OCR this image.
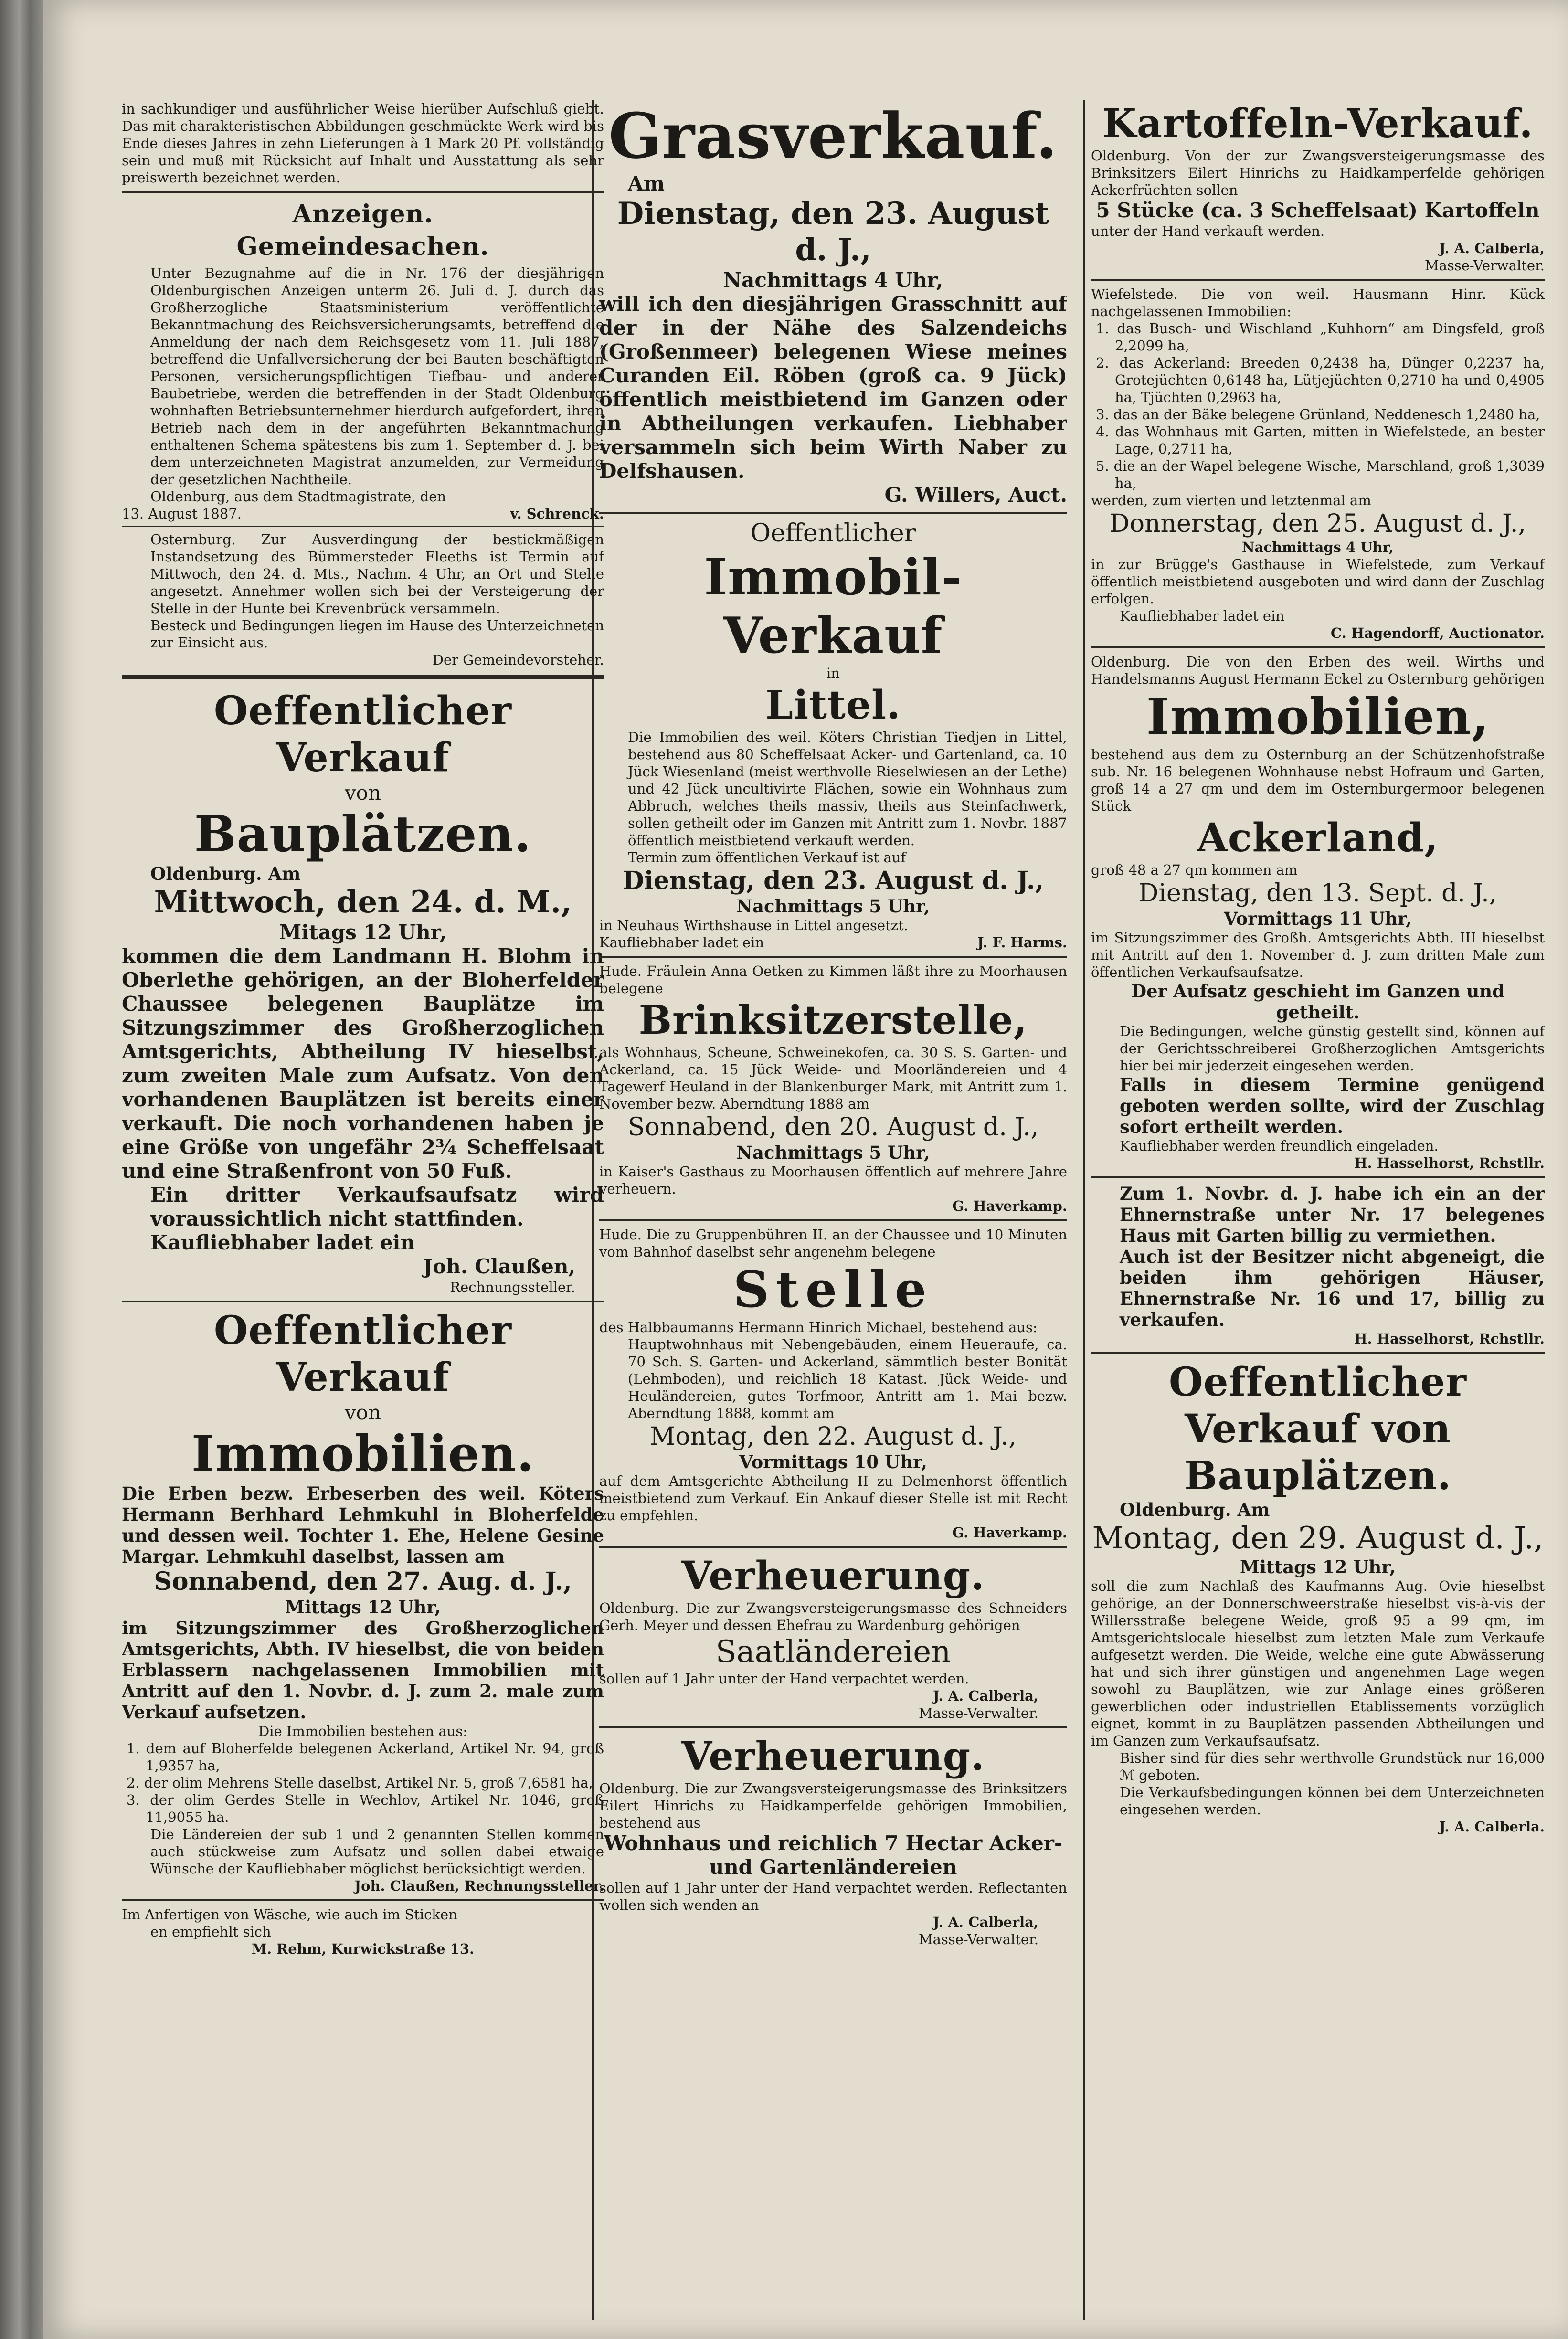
in sachkundiger und ausführlicher Weise hierüber Aufschluß giebt. Das mit charakteristischen Abbildungen geschmückte Werk wird bis Ende dieses Jahres in zehn Lieferungen à 1 Mark 20 Pf. vollständig sein und muß mit Rücksicht auf Inhalt und Ausstattung als sehr preiswerth bezeichnet werden.

Anzeigen.

Gemeindesachen.

Unter Bezugnahme auf die in Nr. 176 der diesjährigen Oldenburgischen Anzeigen unterm 26. Juli d. J. durch das Großherzogliche Staatsministerium veröffentlichte Bekanntmachung des Reichsversicherungsamts, betreffend die Anmeldung der nach dem Reichsgesetz vom 11. Juli 1887, betreffend die Unfallversicherung der bei Bauten beschäftigten Personen, versicherungspflichtigen Tiefbau- und anderer Baubetriebe, werden die betreffenden in der Stadt Oldenburg wohnhaften Betriebsunternehmer hierdurch aufgefordert, ihren Betrieb nach dem in der angeführten Bekanntmachung enthaltenen Schema spätestens bis zum 1. September d. J. bei dem unterzeichneten Magistrat anzumelden, zur Vermeidung der gesetzlichen Nachtheile.

Oldenburg, aus dem Stadtmagistrate, den

13. August 1887.	v. Schrenck.

Osternburg. Zur Ausverdingung der bestickmäßigen Instandsetzung des Bümmersteder Fleeths ist Termin auf Mittwoch, den 24. d. Mts., Nachm. 4 Uhr, an Ort und Stelle angesetzt. Annehmer wollen sich bei der Versteigerung der Stelle in der Hunte bei Krevenbrück versammeln.

Besteck und Bedingungen liegen im Hause des Unterzeichneten zur Einsicht aus.

Der Gemeindevorsteher.

Oeffentlicher Verkauf

von

Bauplätzen.

Oldenburg. Am

Mittwoch, den 24. d. M.,

Mitags 12 Uhr,

kommen die dem Landmann H. Blohm in Oberlethe gehörigen, an der Bloherfelder Chaussee belegenen Bauplätze im Sitzungszimmer des Großherzoglichen Amtsgerichts, Abtheilung IV hieselbst, zum zweiten Male zum Aufsatz. Von den vorhandenen Bauplätzen ist bereits einer verkauft. Die noch vorhandenen haben je eine Größe von ungefähr 2¾ Scheffelsaat und eine Straßenfront von 50 Fuß.

Ein dritter Verkaufsaufsatz wird voraussichtlich nicht stattfinden.

Kaufliebhaber ladet ein

Joh. Claußen,

Rechnungssteller.

Oeffentlicher Verkauf

von

Immobilien.

Die Erben bezw. Erbeserben des weil. Köters Hermann Berhhard Lehmkuhl in Bloherfelde und dessen weil. Tochter 1. Ehe, Helene Gesine Margar. Lehmkuhl daselbst, lassen am

Sonnabend, den 27. Aug. d. J.,

Mittags 12 Uhr,

im Sitzungszimmer des Großherzoglichen Amtsgerichts, Abth. IV hieselbst, die von beiden Erblassern nachgelassenen Immobilien mit Antritt auf den 1. Novbr. d. J. zum 2. male zum Verkauf aufsetzen.

Die Immobilien bestehen aus:

1. dem auf Bloherfelde belegenen Ackerland, Artikel Nr. 94, groß 1,9357 ha,

2. der olim Mehrens Stelle daselbst, Artikel Nr. 5, groß 7,6581 ha,

3. der olim Gerdes Stelle in Wechlov, Artikel Nr. 1046, groß 11,9055 ha.

Die Ländereien der sub 1 und 2 genannten Stellen kommen auch stückweise zum Aufsatz und sollen dabei etwaige Wünsche der Kaufliebhaber möglichst berücksichtigt werden.

Joh. Claußen, Rechnungssteller.

Im Anfertigen von Wäsche, wie auch im Sticken

en empfiehlt sich

M. Rehm, Kurwickstraße 13.

Grasverkauf.

Am

Dienstag, den 23. August d. J.,

Nachmittags 4 Uhr,

will ich den diesjährigen Grasschnitt auf der in der Nähe des Salzendeichs (Großenmeer) belegenen Wiese meines Curanden Eil. Röben (groß ca. 9 Jück) öffentlich meistbietend im Ganzen oder in Abtheilungen verkaufen. Liebhaber versammeln sich beim Wirth Naber zu Delfshausen.

G. Willers, Auct.

Oeffentlicher

Immobil-Verkauf

in

Littel.

Die Immobilien des weil. Köters Christian Tiedjen in Littel, bestehend aus 80 Scheffelsaat Acker- und Gartenland, ca. 10 Jück Wiesenland (meist werthvolle Rieselwiesen an der Lethe) und 42 Jück uncultivirte Flächen, sowie ein Wohnhaus zum Abbruch, welches theils massiv, theils aus Steinfachwerk, sollen getheilt oder im Ganzen mit Antritt zum 1. Novbr. 1887 öffentlich meistbietend verkauft werden.

Termin zum öffentlichen Verkauf ist auf

Dienstag, den 23. August d. J.,

Nachmittags 5 Uhr,

in Neuhaus Wirthshause in Littel angesetzt.

Kaufliebhaber ladet ein	J. F. Harms.

Hude. Fräulein Anna Oetken zu Kimmen läßt ihre zu Moorhausen belegene

Brinksitzerstelle,

als Wohnhaus, Scheune, Schweinekofen, ca. 30 S. S. Garten- und Ackerland, ca. 15 Jück Weide- und Moorländereien und 4 Tagewerf Heuland in der Blankenburger Mark, mit Antritt zum 1. November bezw. Aberndtung 1888 am

Sonnabend, den 20. August d. J.,

Nachmittags 5 Uhr,

in Kaiser's Gasthaus zu Moorhausen öffentlich auf mehrere Jahre verheuern.

G. Haverkamp.

Hude. Die zu Gruppenbühren II. an der Chaussee und 10 Minuten vom Bahnhof daselbst sehr angenehm belegene

Stelle

des Halbbaumanns Hermann Hinrich Michael, bestehend aus:

Hauptwohnhaus mit Nebengebäuden, einem Heueraufe, ca. 70 Sch. S. Garten- und Ackerland, sämmtlich bester Bonität (Lehmboden), und reichlich 18 Katast. Jück Weide- und Heuländereien, gutes Torfmoor, Antritt am 1. Mai bezw. Aberndtung 1888, kommt am

Montag, den 22. August d. J.,

Vormittags 10 Uhr,

auf dem Amtsgerichte Abtheilung II zu Delmenhorst öffentlich meistbietend zum Verkauf. Ein Ankauf dieser Stelle ist mit Recht zu empfehlen.

G. Haverkamp.

Verheuerung.

Oldenburg. Die zur Zwangsversteigerungsmasse des Schneiders Gerh. Meyer und dessen Ehefrau zu Wardenburg gehörigen

Saatländereien

sollen auf 1 Jahr unter der Hand verpachtet werden.

J. A. Calberla,

Masse-Verwalter.

Verheuerung.

Oldenburg. Die zur Zwangsversteigerungsmasse des Brinksitzers Eilert Hinrichs zu Haidkamperfelde gehörigen Immobilien, bestehend aus

Wohnhaus und reichlich 7 Hectar Acker- und Gartenländereien

sollen auf 1 Jahr unter der Hand verpachtet werden. Reflectanten wollen sich wenden an

J. A. Calberla,

Masse-Verwalter.

Kartoffeln-Verkauf.

Oldenburg. Von der zur Zwangsversteigerungsmasse des Brinksitzers Eilert Hinrichs zu Haidkamperfelde gehörigen Ackerfrüchten sollen

5 Stücke (ca. 3 Scheffelsaat) Kartoffeln

unter der Hand verkauft werden.

J. A. Calberla,

Masse-Verwalter.

Wiefelstede. Die von weil. Hausmann Hinr. Kück nachgelassenen Immobilien:

1. das Busch- und Wischland „Kuhhorn“ am Dingsfeld, groß 2,2099 ha,

2. das Ackerland: Breeden 0,2438 ha, Dünger 0,2237 ha, Grotejüchten 0,6148 ha, Lütjejüchten 0,2710 ha und 0,4905 ha, Tjüchten 0,2963 ha,

3. das an der Bäke belegene Grünland, Neddenesch 1,2480 ha,

4. das Wohnhaus mit Garten, mitten in Wiefelstede, an bester Lage, 0,2711 ha,

5. die an der Wapel belegene Wische, Marschland, groß 1,3039 ha,

werden, zum vierten und letztenmal am

Donnerstag, den 25. August d. J.,

Nachmittags 4 Uhr,

in zur Brügge's Gasthause in Wiefelstede, zum Verkauf öffentlich meistbietend ausgeboten und wird dann der Zuschlag erfolgen.

Kaufliebhaber ladet ein

C. Hagendorff, Auctionator.

Oldenburg. Die von den Erben des weil. Wirths und Handelsmanns August Hermann Eckel zu Osternburg gehörigen

Immobilien,

bestehend aus dem zu Osternburg an der Schützenhofstraße sub. Nr. 16 belegenen Wohnhause nebst Hofraum und Garten, groß 14 a 27 qm und dem im Osternburgermoor belegenen Stück

Ackerland,

groß 48 a 27 qm kommen am

Dienstag, den 13. Sept. d. J.,

Vormittags 11 Uhr,

im Sitzungszimmer des Großh. Amtsgerichts Abth. III hieselbst mit Antritt auf den 1. November d. J. zum dritten Male zum öffentlichen Verkaufsaufsatze.

Der Aufsatz geschieht im Ganzen und getheilt.

Die Bedingungen, welche günstig gestellt sind, können auf der Gerichtsschreiberei Großherzoglichen Amtsgerichts hier bei mir jederzeit eingesehen werden.

Falls in diesem Termine genügend geboten werden sollte, wird der Zuschlag sofort ertheilt werden.

Kaufliebhaber werden freundlich eingeladen.

H. Hasselhorst, Rchstllr.

Zum 1. Novbr. d. J. habe ich ein an der Ehnernstraße unter Nr. 17 belegenes Haus mit Garten billig zu vermiethen.

Auch ist der Besitzer nicht abgeneigt, die beiden ihm gehörigen Häuser, Ehnernstraße Nr. 16 und 17, billig zu verkaufen.

H. Hasselhorst, Rchstllr.

Oeffentlicher

Verkauf von Bauplätzen.

Oldenburg. Am

Montag, den 29. August d. J.,

Mittags 12 Uhr,

soll die zum Nachlaß des Kaufmanns Aug. Ovie hieselbst gehörige, an der Donnerschweerstraße hieselbst vis-à-vis der Willersstraße belegene Weide, groß 95 a 99 qm, im Amtsgerichtslocale hieselbst zum letzten Male zum Verkaufe aufgesetzt werden. Die Weide, welche eine gute Abwässerung hat und sich ihrer günstigen und angenehmen Lage wegen sowohl zu Bauplätzen, wie zur Anlage eines größeren gewerblichen oder industriellen Etablissements vorzüglich eignet, kommt in zu Bauplätzen passenden Abtheilungen und im Ganzen zum Verkaufsaufsatz.

Bisher sind für dies sehr werthvolle Grundstück nur 16,000 ℳ geboten.

Die Verkaufsbedingungen können bei dem Unterzeichneten eingesehen werden.

J. A. Calberla.
